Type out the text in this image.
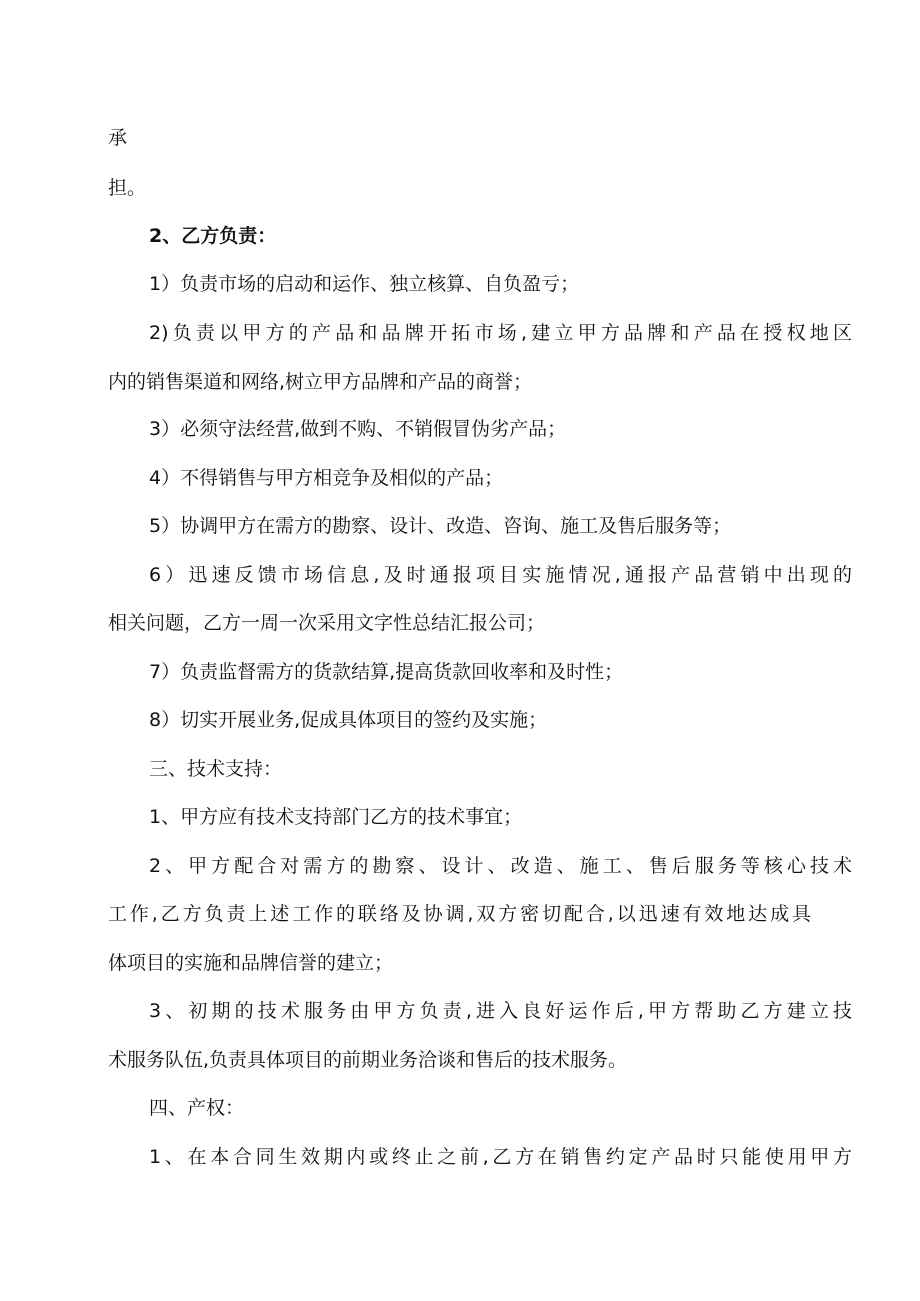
承
担。
2、乙方负责：
1）负责市场的启动和运作、独立核算、自负盈亏；
2)负责以甲方的产品和品牌开拓市场,建立甲方品牌和产品在授权地区
内的销售渠道和网络,树立甲方品牌和产品的商誉；
3）必须守法经营,做到不购、不销假冒伪劣产品；
4）不得销售与甲方相竞争及相似的产品；
5）协调甲方在需方的勘察、设计、改造、咨询、施工及售后服务等；
6）迅速反馈市场信息,及时通报项目实施情况,通报产品营销中出现的
相关问题，乙方一周一次采用文字性总结汇报公司；
7）负责监督需方的货款结算,提高货款回收率和及时性；
8）切实开展业务,促成具体项目的签约及实施；
三、技术支持：
1、甲方应有技术支持部门乙方的技术事宜；
2、甲方配合对需方的勘察、设计、改造、施工、售后服务等核心技术
工作,乙方负责上述工作的联络及协调,双方密切配合,以迅速有效地达成具
体项目的实施和品牌信誉的建立；
3、初期的技术服务由甲方负责,进入良好运作后,甲方帮助乙方建立技
术服务队伍,负责具体项目的前期业务洽谈和售后的技术服务。
四、产权：
1、在本合同生效期内或终止之前,乙方在销售约定产品时只能使用甲方
